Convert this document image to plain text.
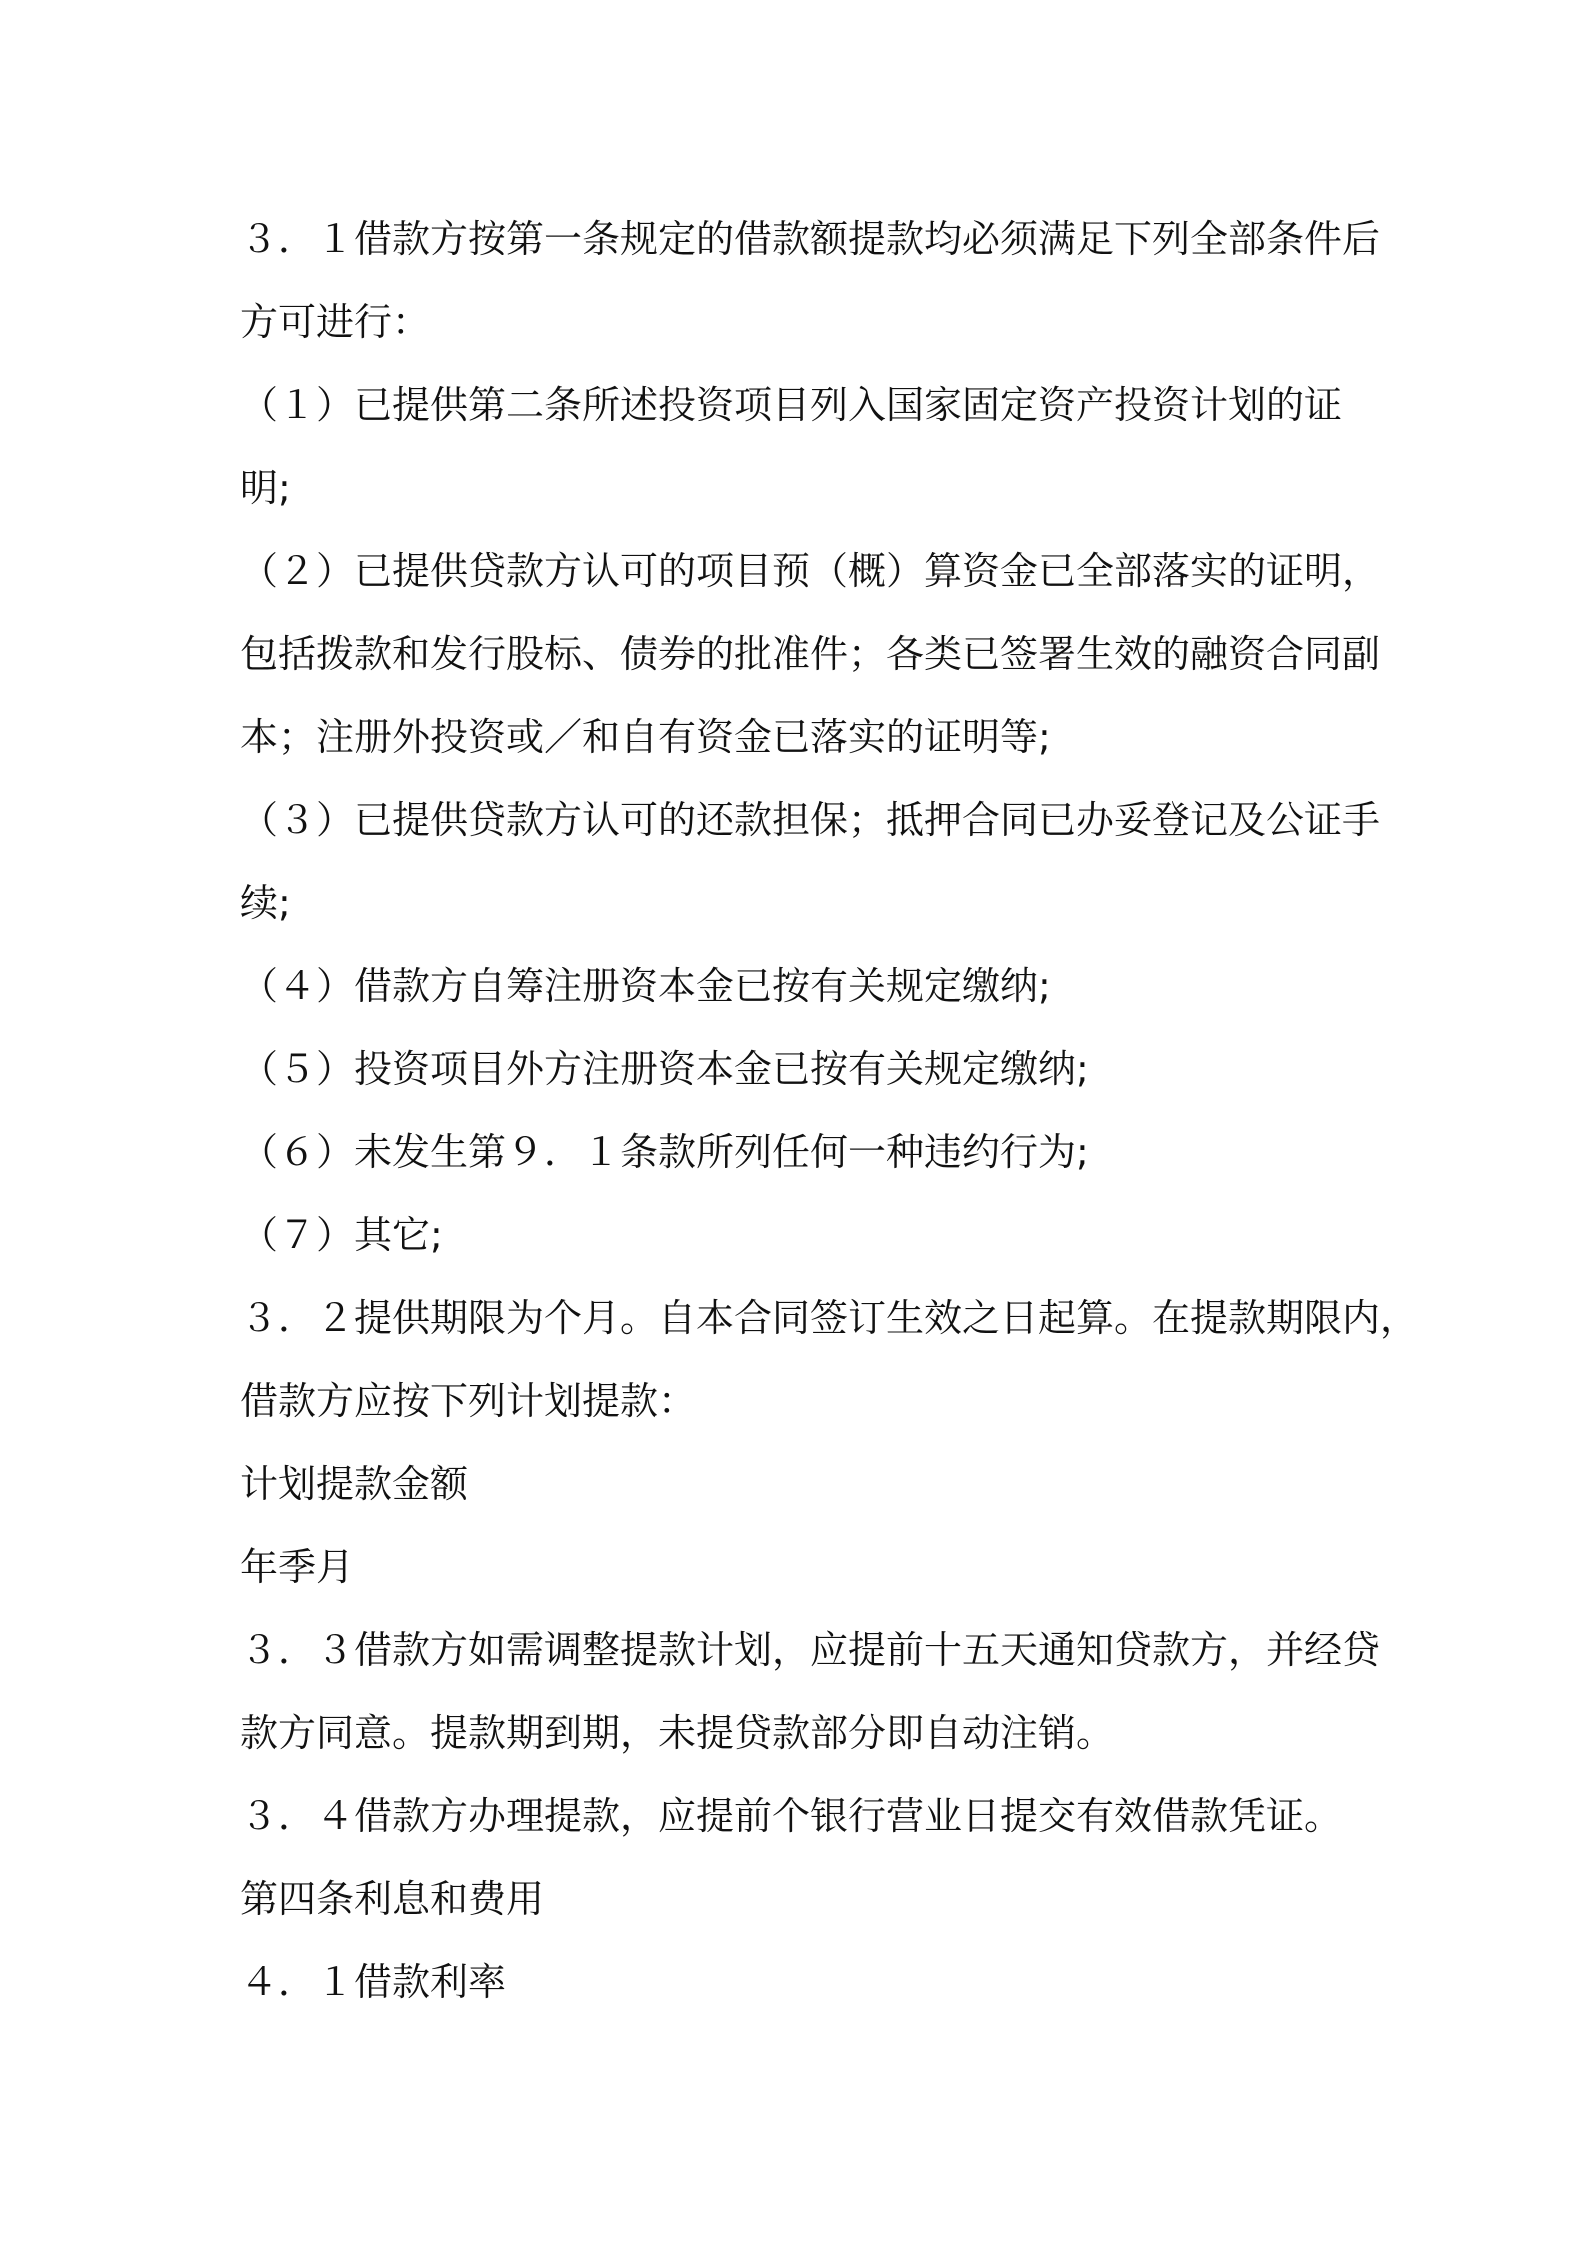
３．１借款方按第一条规定的借款额提款均必须满足下列全部条件后
方可进行：
（１）已提供第二条所述投资项目列入国家固定资产投资计划的证
明;
（２）已提供贷款方认可的项目预（概）算资金已全部落实的证明，
包括拨款和发行股标、债券的批准件；各类已签署生效的融资合同副
本；注册外投资或／和自有资金已落实的证明等;
（３）已提供贷款方认可的还款担保；抵押合同已办妥登记及公证手
续;
（４）借款方自筹注册资本金已按有关规定缴纳;
（５）投资项目外方注册资本金已按有关规定缴纳;
（６）未发生第９．１条款所列任何一种违约行为;
（７）其它;
３．２提供期限为个月。自本合同签订生效之日起算。在提款期限内，
借款方应按下列计划提款：
计划提款金额
年季月
３．３借款方如需调整提款计划，应提前十五天通知贷款方，并经贷
款方同意。提款期到期，未提贷款部分即自动注销。
３．４借款方办理提款，应提前个银行营业日提交有效借款凭证。
第四条利息和费用
４．１借款利率
